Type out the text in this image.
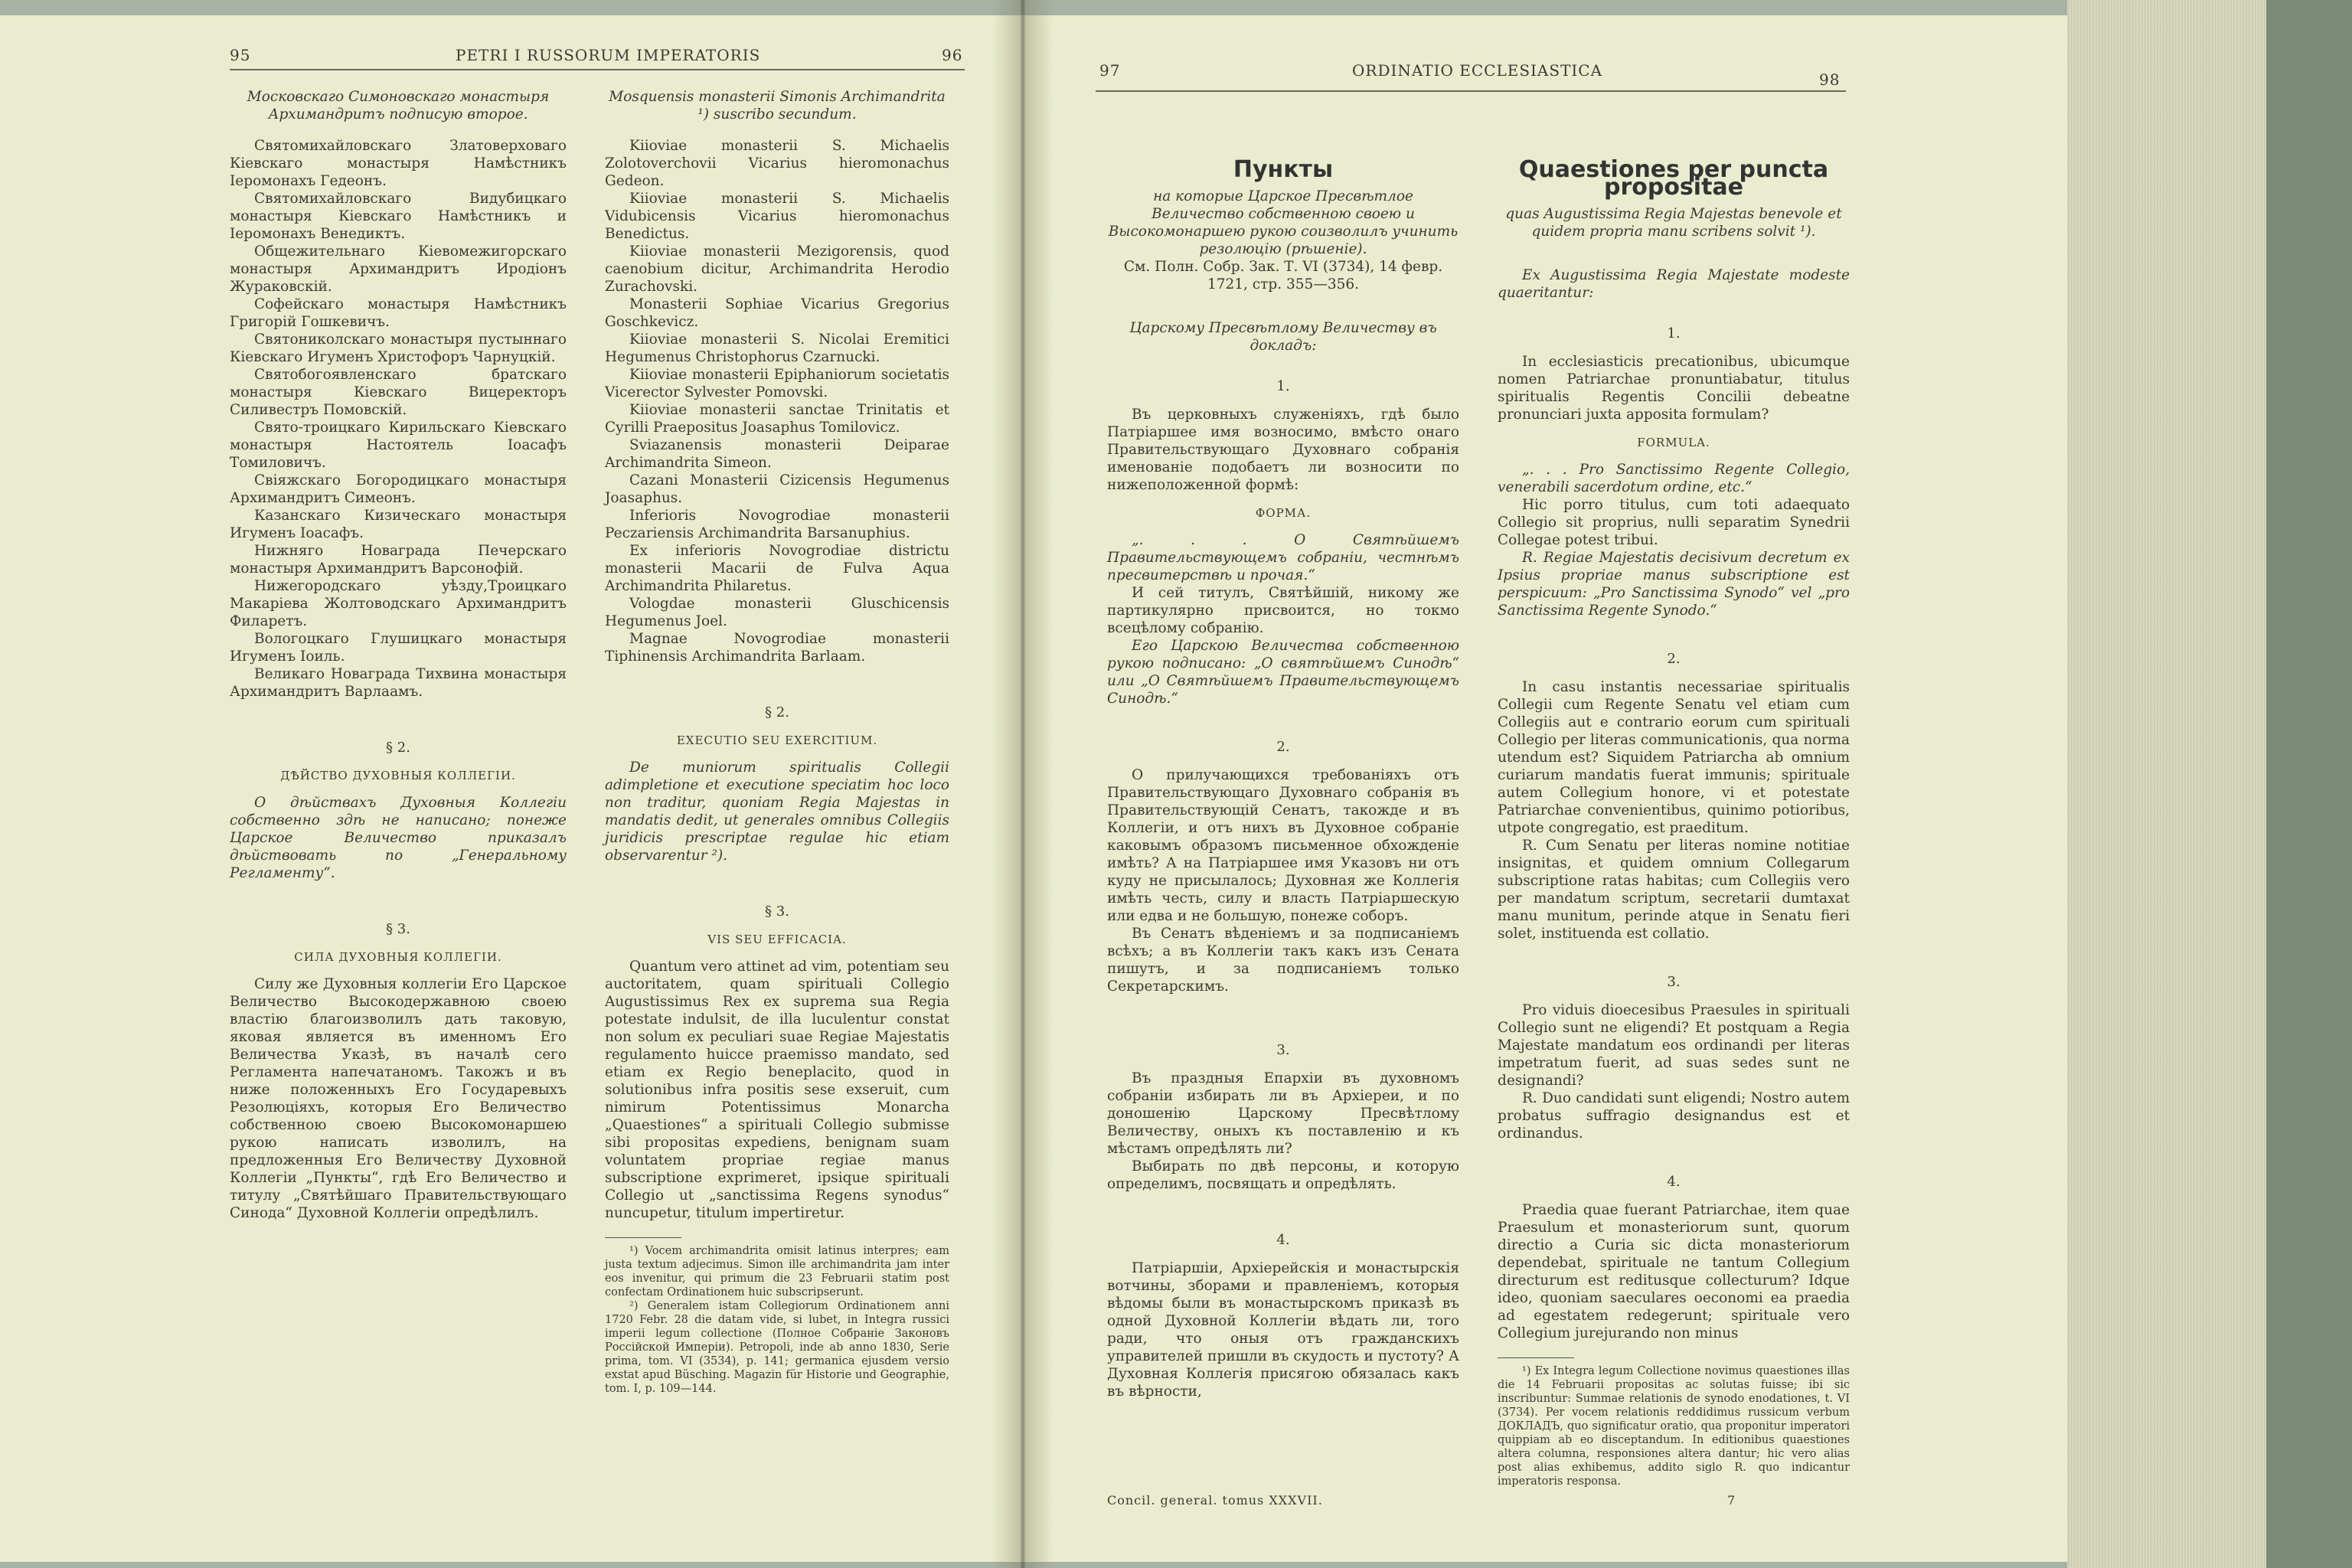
95	PETRI I RUSSORUM IMPERATORIS	96

Московскаго Симоновскаго монастыря Архимандритъ подписую второе.

Святомихайловскаго Златоверховаго Кіевскаго монастыря Намѣстникъ Іеромонахъ Гедеонъ.

Святомихайловскаго Видубицкаго монастыря Кіевскаго Намѣстникъ и Іеромонахъ Венедиктъ.

Общежительнаго Кіевомежигорскаго монастыря Архимандритъ Иродіонъ Жураковскій.

Софейскаго монастыря Намѣстникъ Григорій Гошкевичъ.

Святониколскаго монастыря пустыннаго Кіевскаго Игуменъ Христофоръ Чарнуцкій.

Святобогоявленскаго братскаго монастыря Кіевскаго Вицеректоръ Силивестръ Помовскій.

Свято-троицкаго Кирильскаго Кіевскаго монастыря Настоятель Іоасафъ Томиловичъ.

Свіяжскаго Богородицкаго монастыря Архимандритъ Симеонъ.

Казанскаго Кизическаго монастыря Игуменъ Іоасафъ.

Нижняго Новаграда Печерскаго монастыря Архимандритъ Варсонофій.

Нижегородскаго уѣзду,Троицкаго Макаріева Жолтоводскаго Архимандритъ Филаретъ.

Вологоцкаго Глушицкаго монастыря Игуменъ Іоиль.

Великаго Новаграда Тихвина монастыря Архимандритъ Варлаамъ.

§ 2.
ДѢЙСТВО ДУХОВНЫЯ КОЛЛЕГІИ.

О дѣйствахъ Духовныя Коллегіи собственно здѣ не написано; понеже Царское Величество приказалъ дѣйствовать по „Генеральному Регламенту“.

§ 3.
СИЛА ДУХОВНЫЯ КОЛЛЕГІИ.

Силу же Духовныя коллегіи Его Царское Величество Высокодержавною своею властію благоизволилъ дать таковую, яковая является въ именномъ Его Величества Указѣ, въ началѣ сего Регламента напечатаномъ. Такожъ и въ ниже положенныхъ Его Государевыхъ Резолюціяхъ, которыя Его Величество собственною своею Высокомонаршею рукою написать изволилъ, на предложенныя Его Величеству Духовной Коллегіи „Пункты“, гдѣ Его Величество и титулу „Святѣйшаго Правительствующаго Синода“ Духовной Коллегіи опредѣлилъ.

Mosquensis monasterii Simonis Archimandrita ¹) suscribo secundum.

Kiioviae monasterii S. Michaelis Zolotoverchovii Vicarius hieromonachus Gedeon.

Kiioviae monasterii S. Michaelis Vidubicensis Vicarius hieromonachus Benedictus.

Kiioviae monasterii Mezigorensis, quod caenobium dicitur, Archimandrita Herodio Zurachovski.

Monasterii Sophiae Vicarius Gregorius Goschkevicz.

Kiioviae monasterii S. Nicolai Eremitici Hegumenus Christophorus Czarnucki.

Kiioviae monasterii Epiphaniorum societatis Vicerector Sylvester Pomovski.

Kiioviae monasterii sanctae Trinitatis et Cyrilli Praepositus Joasaphus Tomilovicz.

Sviazanensis monasterii Deiparae Archimandrita Simeon.

Cazani Monasterii Cizicensis Hegumenus Joasaphus.

Inferioris Novogrodiae monasterii Peczariensis Archimandrita Barsanuphius.

Ex inferioris Novogrodiae districtu monasterii Macarii de Fulva Aqua Archimandrita Philaretus.

Vologdae monasterii Gluschicensis Hegumenus Joel.

Magnae Novogrodiae monasterii Tiphinensis Archimandrita Barlaam.

§ 2.
EXECUTIO SEU EXERCITIUM.

De muniorum spiritualis Collegii adimpletione et executione speciatim hoc loco non traditur, quoniam Regia Majestas in mandatis dedit, ut generales omnibus Collegiis juridicis prescriptae regulae hic etiam observarentur ²).

§ 3.
VIS SEU EFFICACIA.

Quantum vero attinet ad vim, potentiam seu auctoritatem, quam spirituali Collegio Augustissimus Rex ex suprema sua Regia potestate indulsit, de illa luculentur constat non solum ex peculiari suae Regiae Majestatis regulamento huicce praemisso mandato, sed etiam ex Regio beneplacito, quod in solutionibus infra positis sese exseruit, cum nimirum Potentissimus Monarcha „Quaestiones“ a spirituali Collegio submisse sibi propositas expediens, benignam suam voluntatem propriae regiae manus subscriptione exprimeret, ipsique spirituali Collegio ut „sanctissima Regens synodus“ nuncupetur, titulum impertiretur.

¹) Vocem archimandrita omisit latinus interpres; eam justa textum adjecimus. Simon ille archimandrita jam inter eos invenitur, qui primum die 23 Februarii statim post confectam Ordinationem huic subscripserunt.

²) Generalem istam Collegiorum Ordinationem anni 1720 Febr. 28 die datam vide, si lubet, in Integra russici imperii legum collectione (Полное Собраніе Законовъ Россійской Имперіи). Petropoli, inde ab anno 1830, Serie prima, tom. VI (3534), p. 141; germanica ejusdem versio exstat apud Büsching. Magazin für Historie und Geographie, tom. I, p. 109—144.

97	ORDINATIO ECCLESIASTICA	98
Пункты

на которые Царское Пресвѣтлое Величество собственною своею и Высокомонаршею рукою соизволилъ учинить резолюцію (рѣшеніе).

См. Полн. Собр. Зак. Т. VI (3734), 14 февр. 1721, стр. 355—356.

Царскому Пресвѣтлому Величеству въ докладъ:

1.

Въ церковныхъ служеніяхъ, гдѣ было Патріаршее имя возносимо, вмѣсто онаго Правительствующаго Духовнаго собранія именованіе подобаетъ ли возносити по нижеположенной формѣ:

ФОРМА.

„. . . О Святѣйшемъ Правительствующемъ собраніи, честнѣмъ пресвитерствѣ и прочая.“

И сей титулъ, Святѣйшій, никому же партикулярно присвоится, но токмо всецѣлому собранію.

Его Царскою Величества собственною рукою подписано: „О святѣйшемъ Синодѣ“ или „О Святѣйшемъ Правительствующемъ Синодѣ.“

2.

О прилучающихся требованіяхъ отъ Правительствующаго Духовнаго собранія въ Правительствующій Сенатъ, такожде и въ Коллегіи, и отъ нихъ въ Духовное собраніе каковымъ образомъ письменное обхожденіе имѣть? А на Патріаршее имя Указовъ ни отъ куду не присылалось; Духовная же Коллегія имѣть честь, силу и власть Патріаршескую или едва и не большую, понеже соборъ.

Въ Сенатъ вѣденіемъ и за подписаніемъ всѣхъ; а въ Коллегіи такъ какъ изъ Сената пишутъ, и за подписаніемъ только Секретарскимъ.

3.

Въ праздныя Епархіи въ духовномъ собраніи избирать ли въ Архіереи, и по доношенію Царскому Пресвѣтлому Величеству, оныхъ къ поставленію и къ мѣстамъ опредѣлять ли?

Выбирать по двѣ персоны, и которую определимъ, посвящать и опредѣлять.

4.

Патріаршіи, Архіерейскія и монастырскія вотчины, зборами и правленіемъ, которыя вѣдомы были въ монастырскомъ приказѣ въ одной Духовной Коллегіи вѣдать ли, того ради, что оныя отъ гражданскихъ управителей пришли въ скудость и пустоту? А Духовная Коллегія присягою обязалась какъ въ вѣрности,

Quaestiones per puncta propositae

quas Augustissima Regia Majestas benevole et quidem propria manu scribens solvit ¹).

Ex Augustissima Regia Majestate modeste quaeritantur:

1.

In ecclesiasticis precationibus, ubicumque nomen Patriarchae pronuntiabatur, titulus spiritualis Regentis Concilii debeatne pronunciari juxta apposita formulam?

FORMULA.

„. . . Pro Sanctissimo Regente Collegio, venerabili sacerdotum ordine, etc.“

Hic porro titulus, cum toti adaequato Collegio sit proprius, nulli separatim Synedrii Collegae potest tribui.

R. Regiae Majestatis decisivum decretum ex Ipsius propriae manus subscriptione est perspicuum: „Pro Sanctissima Synodo“ vel „pro Sanctissima Regente Synodo.“

2.

In casu instantis necessariae spiritualis Collegii cum Regente Senatu vel etiam cum Collegiis aut e contrario eorum cum spirituali Collegio per literas communicationis, qua norma utendum est? Siquidem Patriarcha ab omnium curiarum mandatis fuerat immunis; spirituale autem Collegium honore, vi et potestate Patriarchae convenientibus, quinimo potioribus, utpote congregatio, est praeditum.

R. Cum Senatu per literas nomine notitiae insignitas, et quidem omnium Collegarum subscriptione ratas habitas; cum Collegiis vero per mandatum scriptum, secretarii dumtaxat manu munitum, perinde atque in Senatu fieri solet, instituenda est collatio.

3.

Pro viduis dioecesibus Praesules in spirituali Collegio sunt ne eligendi? Et postquam a Regia Majestate mandatum eos ordinandi per literas impetratum fuerit, ad suas sedes sunt ne designandi?

R. Duo candidati sunt eligendi; Nostro autem probatus suffragio designandus est et ordinandus.

4.

Praedia quae fuerant Patriarchae, item quae Praesulum et monasteriorum sunt, quorum directio a Curia sic dicta monasteriorum dependebat, spirituale ne tantum Collegium directurum est reditusque collecturum? Idque ideo, quoniam saeculares oeconomi ea praedia ad egestatem redegerunt; spirituale vero Collegium jurejurando non minus

¹) Ex Integra legum Collectione novimus quaestiones illas die 14 Februarii propositas ac solutas fuisse; ibi sic inscribuntur: Summae relationis de synodo enodationes, t. VI (3734). Per vocem relationis reddidimus russicum verbum ДОКЛАДЪ, quo significatur oratio, qua proponitur imperatori quippiam ab eo disceptandum. In editionibus quaestiones altera columna, responsiones altera dantur; hic vero alias post alias exhibemus, addito siglo R. quo indicantur imperatoris responsa.

Concil. general. tomus XXXVII.	7
